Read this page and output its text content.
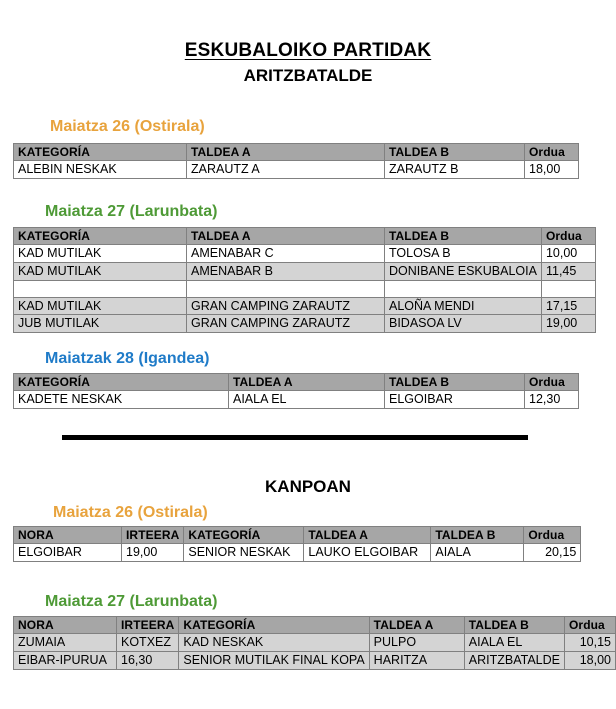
ESKUBALOIKO PARTIDAK
ARITZBATALDE
Maiatza 26 (Ostirala)
KATEGORÍA	TALDEA A	TALDEA B	Ordua
ALEBIN NESKAK	ZARAUTZ A	ZARAUTZ B	18,00
Maiatza 27 (Larunbata)
KATEGORÍA	TALDEA A	TALDEA B	Ordua
KAD MUTILAK	AMENABAR C	TOLOSA B	10,00
KAD MUTILAK	AMENABAR B	DONIBANE ESKUBALOIA	11,45

KAD MUTILAK	GRAN CAMPING ZARAUTZ	ALOÑA MENDI	17,15
JUB MUTILAK	GRAN CAMPING ZARAUTZ	BIDASOA LV	19,00
Maiatzak 28 (Igandea)
KATEGORÍA	TALDEA A	TALDEA B	Ordua
KADETE NESKAK	AIALA EL	ELGOIBAR	12,30
KANPOAN
Maiatza 26 (Ostirala)
NORA	IRTEERA	KATEGORÍA	TALDEA A	TALDEA B	Ordua
ELGOIBAR	19,00	SENIOR NESKAK	LAUKO ELGOIBAR	AIALA	20,15
Maiatza 27 (Larunbata)
NORA	IRTEERA	KATEGORÍA	TALDEA A	TALDEA B	Ordua
ZUMAIA	KOTXEZ	KAD NESKAK	PULPO	AIALA EL	10,15
EIBAR-IPURUA	16,30	SENIOR MUTILAK FINAL KOPA	HARITZA	ARITZBATALDE	18,00
